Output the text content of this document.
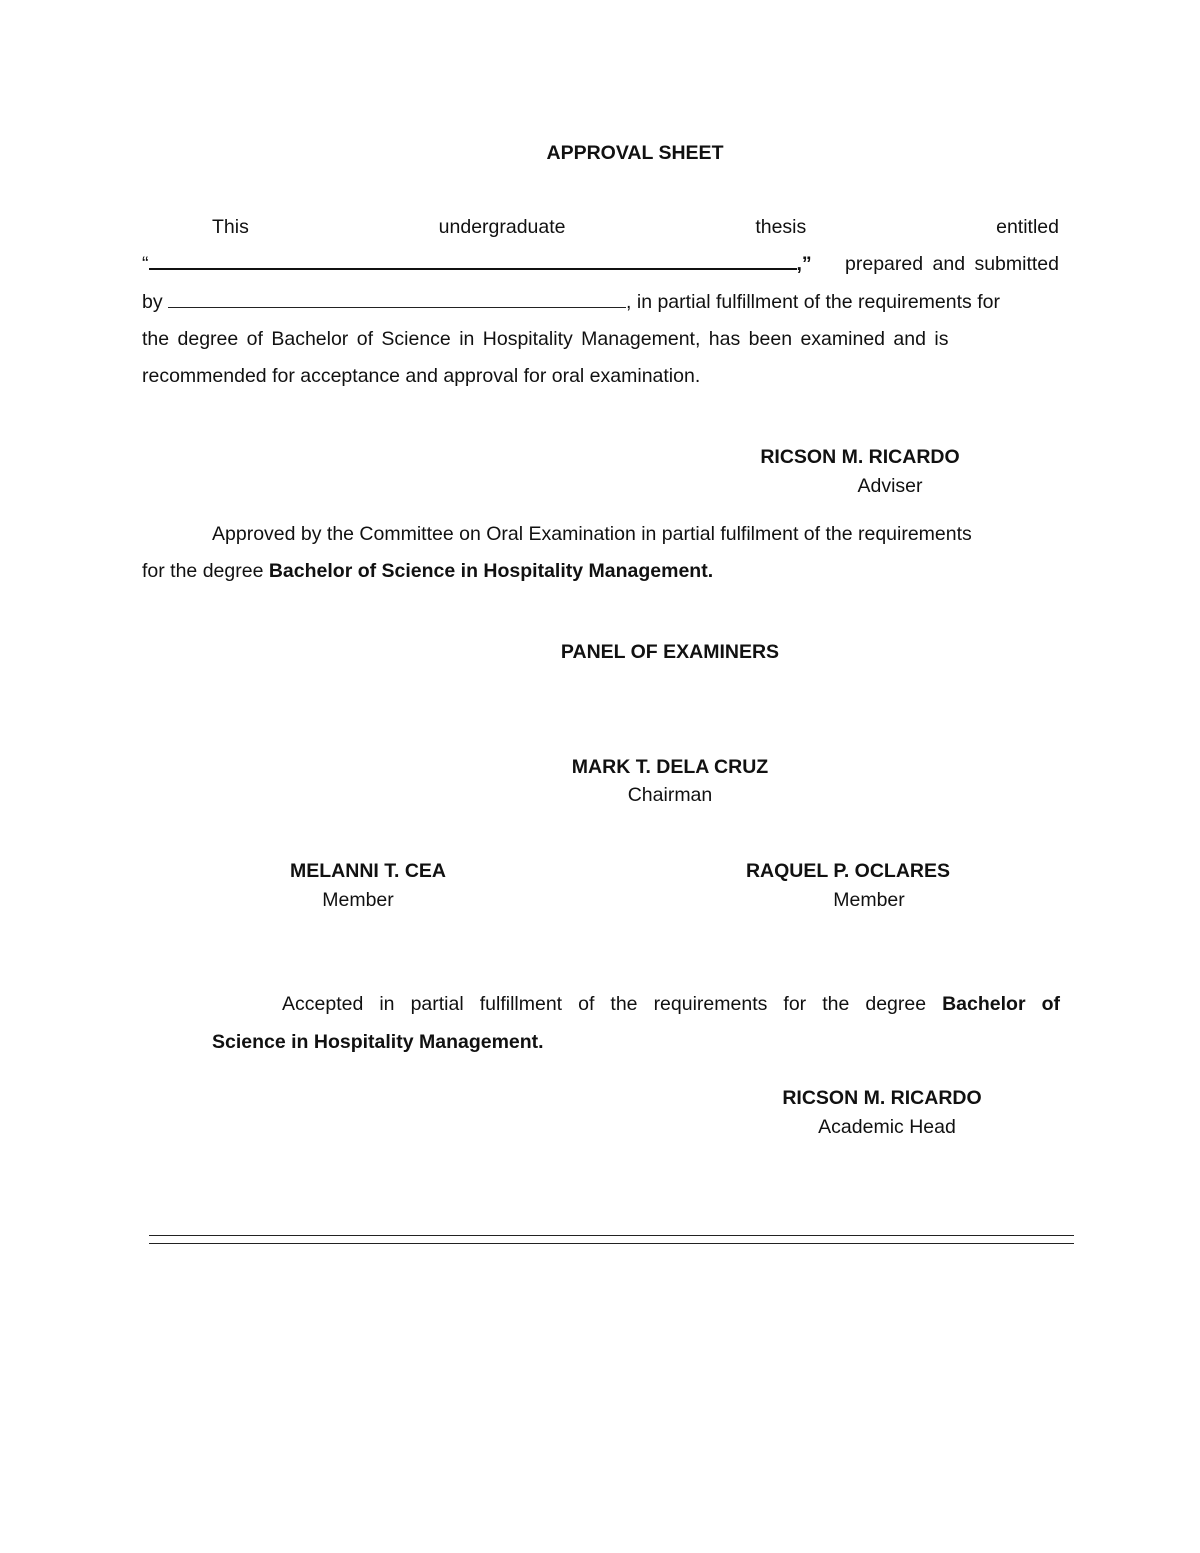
APPROVAL SHEET
This	undergraduate	thesis	entitled
“	,” prepared and submitted
by	, in partial fulfillment of the requirements for
the degree of Bachelor of Science in Hospitality Management, has been examined and is
recommended for acceptance and approval for oral examination.
RICSON M. RICARDO
Adviser
Approved by the Committee on Oral Examination in partial fulfilment of the requirements
for the degree Bachelor of Science in Hospitality Management.
PANEL OF EXAMINERS
MARK T. DELA CRUZ
Chairman
MELANNI T. CEA
Member
RAQUEL P. OCLARES
Member
Accepted in partial fulfillment of the requirements for the degree Bachelor of
Science in Hospitality Management.
RICSON M. RICARDO
Academic Head
